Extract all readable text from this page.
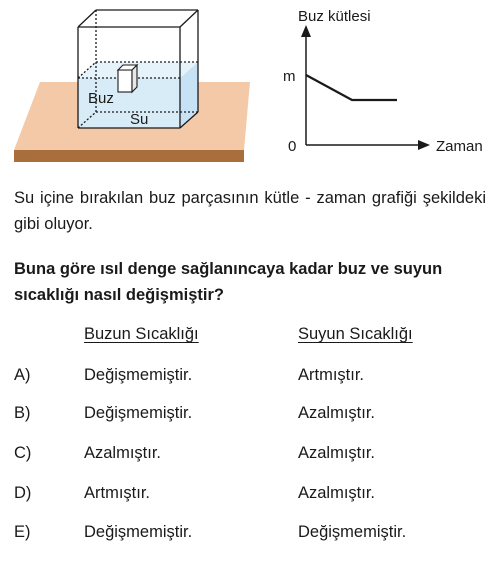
Buz
Su
Buz kütlesi
m
0	Zaman
Su içine bırakılan buz parçasının kütle - zaman grafiği şekildeki gibi oluyor.
Buna göre ısıl denge sağlanıncaya kadar buz ve suyun sıcaklığı nasıl değişmiştir?
Buzun Sıcaklığı	Suyun Sıcaklığı
A)	Değişmemiştir.	Artmıştır.
B)	Değişmemiştir.	Azalmıştır.
C)	Azalmıştır.	Azalmıştır.
D)	Artmıştır.	Azalmıştır.
E)	Değişmemiştir.	Değişmemiştir.
